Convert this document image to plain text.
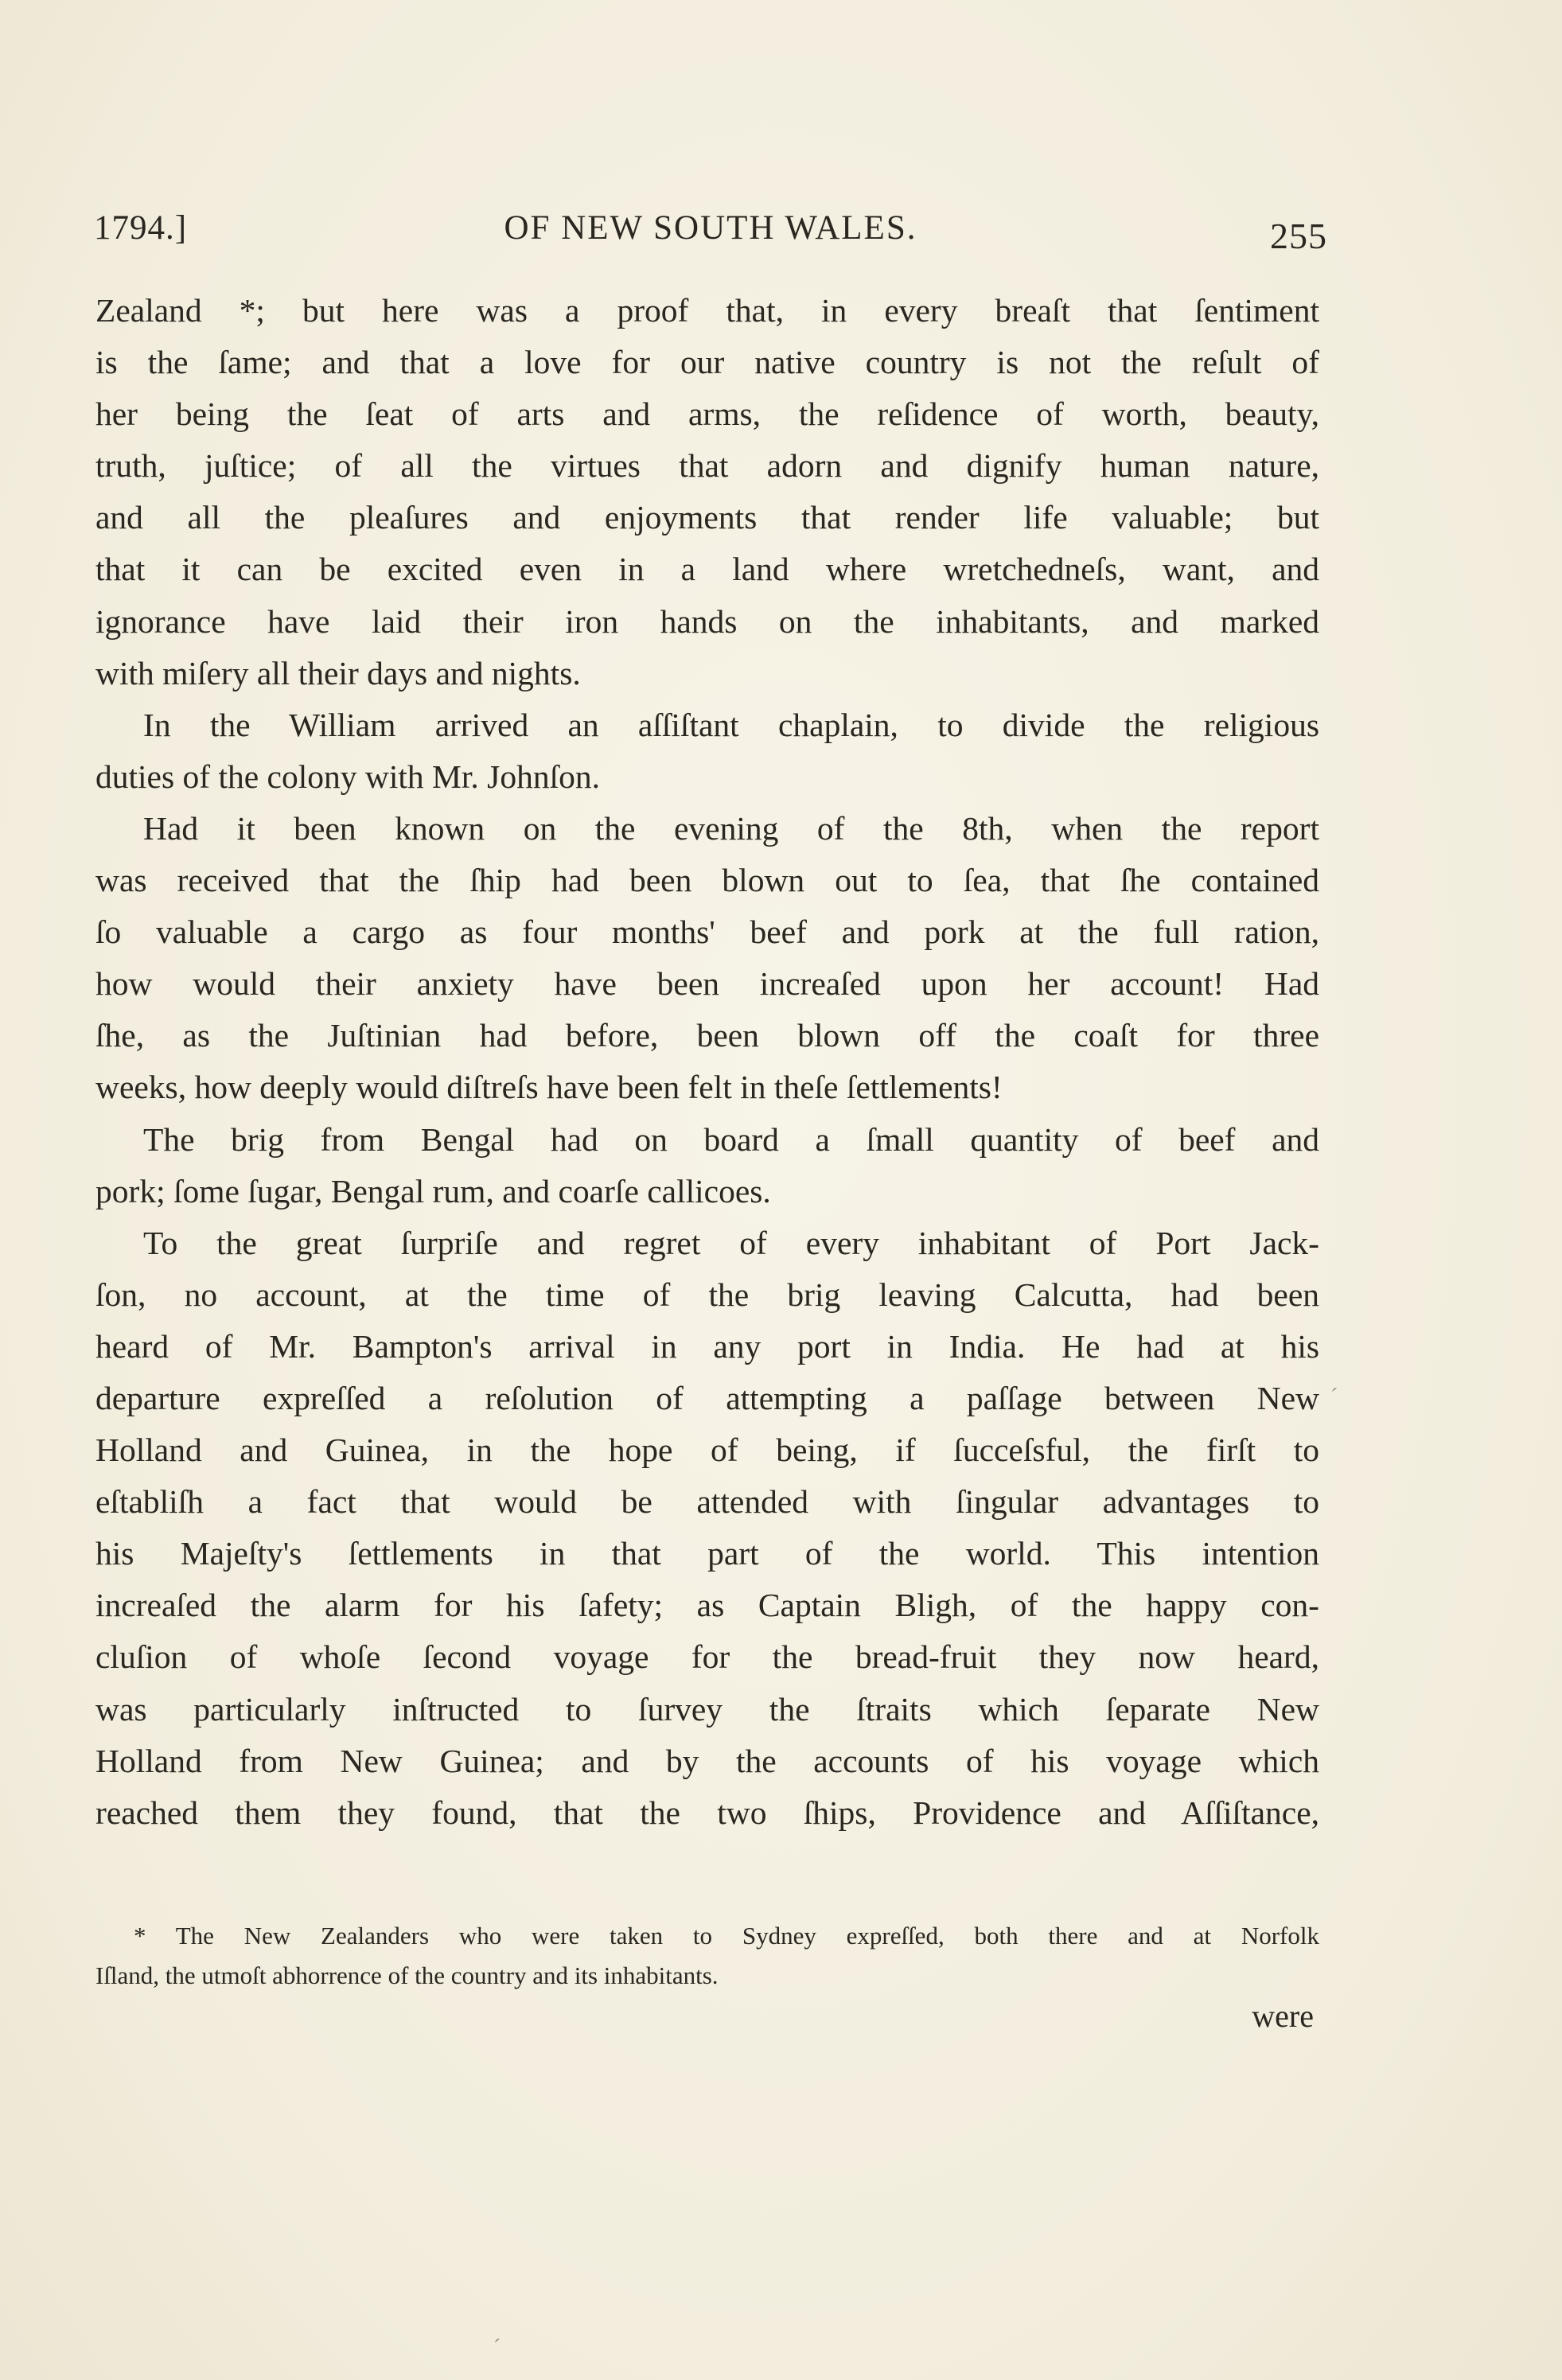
1794.]	OF NEW SOUTH WALES.	255
Zealand *; but here was a proof that, in every breaſt that ſentiment
is the ſame; and that a love for our native country is not the reſult of
her being the ſeat of arts and arms, the reſidence of worth, beauty,
truth, juſtice; of all the virtues that adorn and dignify human nature,
and all the pleaſures and enjoyments that render life valuable; but
that it can be excited even in a land where wretchedneſs, want, and
ignorance have laid their iron hands on the inhabitants, and marked
with miſery all their days and nights.
In the William arrived an aſſiſtant chaplain, to divide the religious
duties of the colony with Mr. Johnſon.
Had it been known on the evening of the 8th, when the report
was received that the ſhip had been blown out to ſea, that ſhe contained
ſo valuable a cargo as four months' beef and pork at the full ration,
how would their anxiety have been increaſed upon her account! Had
ſhe, as the Juſtinian had before, been blown off the coaſt for three
weeks, how deeply would diſtreſs have been felt in theſe ſettlements!
The brig from Bengal had on board a ſmall quantity of beef and
pork; ſome ſugar, Bengal rum, and coarſe callicoes.
To the great ſurpriſe and regret of every inhabitant of Port Jack-
ſon, no account, at the time of the brig leaving Calcutta, had been
heard of Mr. Bampton's arrival in any port in India. He had at his
departure expreſſed a reſolution of attempting a paſſage between New
Holland and Guinea, in the hope of being, if ſucceſsful, the firſt to
eſtabliſh a fact that would be attended with ſingular advantages to
his Majeſty's ſettlements in that part of the world. This intention
increaſed the alarm for his ſafety; as Captain Bligh, of the happy con-
cluſion of whoſe ſecond voyage for the bread-fruit they now heard,
was particularly inſtructed to ſurvey the ſtraits which ſeparate New
Holland from New Guinea; and by the accounts of his voyage which
reached them they found, that the two ſhips, Providence and Aſſiſtance,
* The New Zealanders who were taken to Sydney expreſſed, both there and at Norfolk
Iſland, the utmoſt abhorrence of the country and its inhabitants.
were
ˊ
ˊ
